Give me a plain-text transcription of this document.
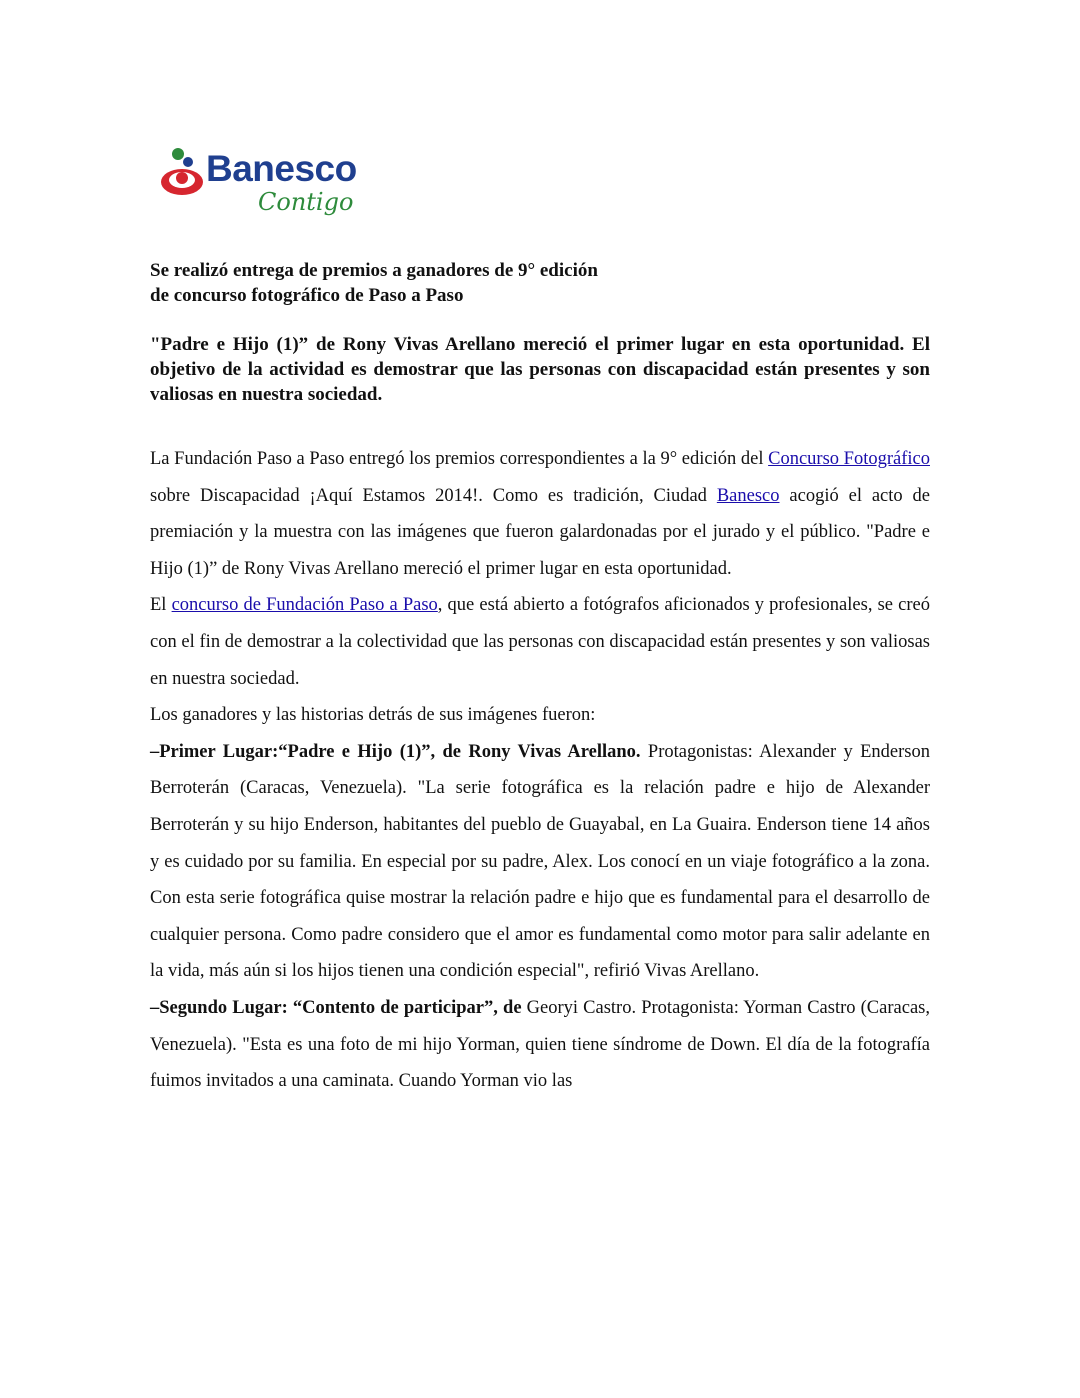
Banesco
Contigo
Se realizó entrega de premios a ganadores de 9° edición
de concurso fotográfico de Paso a Paso

"Padre e Hijo (1)” de Rony Vivas Arellano mereció el primer lugar en esta oportunidad. El objetivo de la actividad es demostrar que las personas con discapacidad están presentes y son valiosas en nuestra sociedad.

La Fundación Paso a Paso entregó los premios correspondientes a la 9° edición del Concurso Fotográfico sobre Discapacidad ¡Aquí Estamos 2014!. Como es tradición, Ciudad Banesco acogió el acto de premiación y la muestra con las imágenes que fueron galardonadas por el jurado y el público. "Padre e Hijo (1)” de Rony Vivas Arellano mereció el primer lugar en esta oportunidad.

El concurso de Fundación Paso a Paso, que está abierto a fotógrafos aficionados y profesionales, se creó con el fin de demostrar a la colectividad que las personas con discapacidad están presentes y son valiosas en nuestra sociedad.

Los ganadores y las historias detrás de sus imágenes fueron:

–Primer Lugar:“Padre e Hijo (1)”, de Rony Vivas Arellano. Protagonistas: Alexander y Enderson Berroterán (Caracas, Venezuela). "La serie fotográfica es la relación padre e hijo de Alexander Berroterán y su hijo Enderson, habitantes del pueblo de Guayabal, en La Guaira. Enderson tiene 14 años y es cuidado por su familia. En especial por su padre, Alex. Los conocí en un viaje fotográfico a la zona. Con esta serie fotográfica quise mostrar la relación padre e hijo que es fundamental para el desarrollo de cualquier persona. Como padre considero que el amor es fundamental como motor para salir adelante en la vida, más aún si los hijos tienen una condición especial", refirió Vivas Arellano.

–Segundo Lugar: “Contento de participar”, de Georyi Castro. Protagonista: Yorman Castro (Caracas, Venezuela). "Esta es una foto de mi hijo Yorman, quien tiene síndrome de Down. El día de la fotografía fuimos invitados a una caminata. Cuando Yorman vio las
